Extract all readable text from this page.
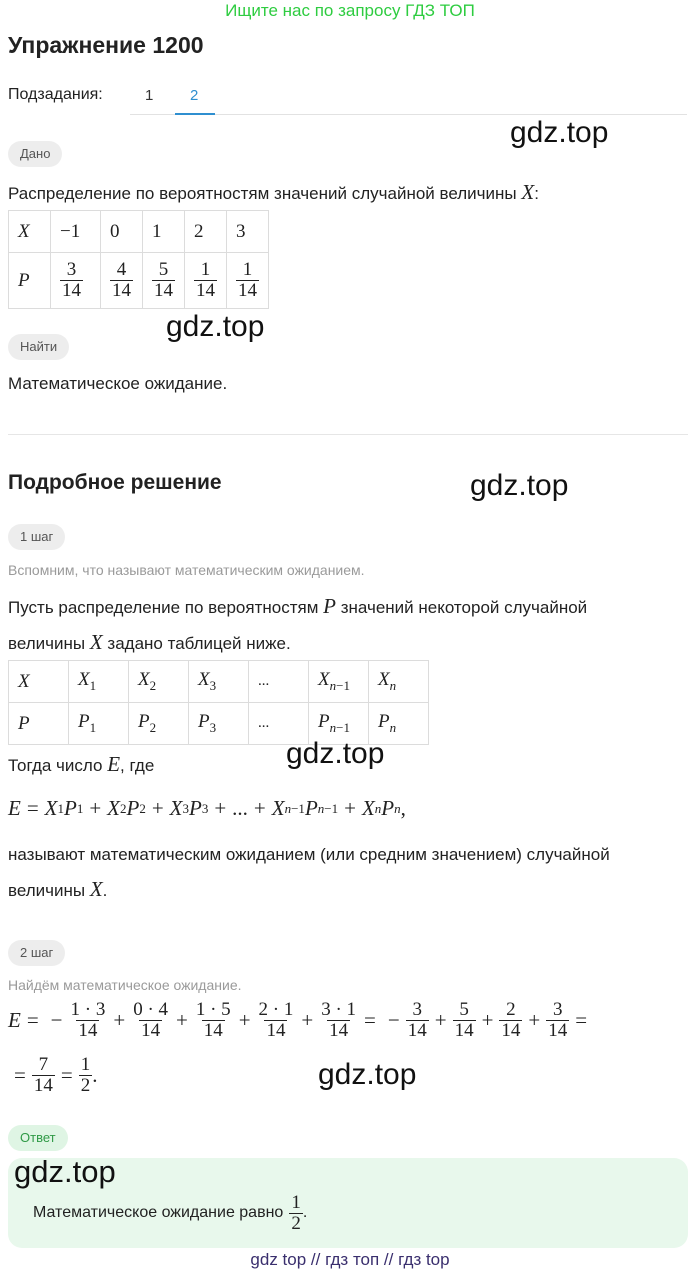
Ищите нас по запросу ГДЗ ТОП
Упражнение 1200
Подзадания:	1 2
gdz.top
Дано
Распределение по вероятностям значений случайной величины X:
X	−1	0	1	2	3
P	$\frac{3}{14}$	$\frac{4}{14}$	$\frac{5}{14}$	$\frac{1}{14}$	$\frac{1}{14}$
gdz.top
Найти
Математическое ожидание.
Подробное решение	gdz.top
1 шаг
Вспомним, что называют математическим ожиданием.
Пусть распределение по вероятностям P значений некоторой случайной
величины X задано таблицей ниже.
X	$X_1$	$X_2$	$X_3$	...	$X_{n-1}$	$X_n$
P	$P_1$	$P_2$	$P_3$	...	$P_{n-1}$	$P_n$
gdz.top
Тогда число E, где
E = X 1 P 1 + X 2 P 2 + X 3 P 3 + ... + X n−1 P n−1 + X n P n ,
называют математическим ожиданием (или средним значением) случайной
величины X.
2 шаг
Найдём математическое ожидание.
E = − $\frac{1 \cdot 3}{14} + \frac{0 \cdot 4}{14} + \frac{1 \cdot 5}{14} + \frac{2 \cdot 1}{14} + \frac{3 \cdot 1}{14}$ = − $\frac{3}{14} + \frac{5}{14} + \frac{2}{14} + \frac{3}{14}$ =
= $\frac{7}{14} = \frac{1}{2}$ .	gdz.top
Ответ
gdz.top
Математическое ожидание равно $\frac{1}{2}$ .
gdz top // гдз топ // гдз top
